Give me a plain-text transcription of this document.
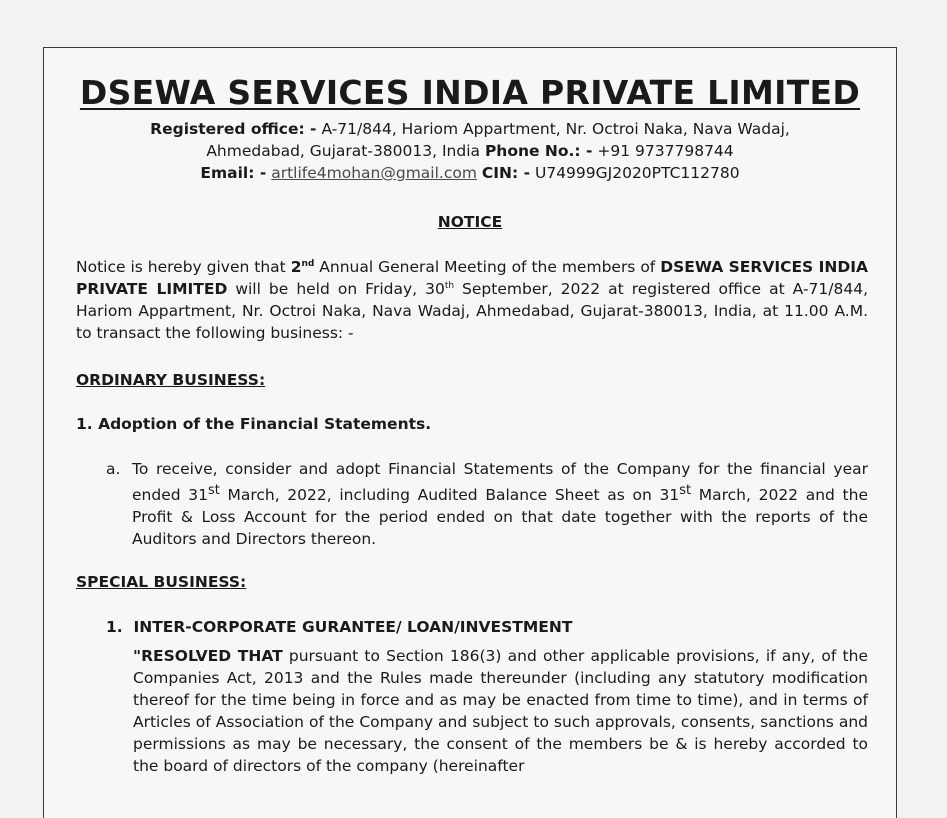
DSEWA SERVICES INDIA PRIVATE LIMITED
Registered office: - A-71/844, Hariom Appartment, Nr. Octroi Naka, Nava Wadaj,
Ahmedabad, Gujarat-380013, India Phone No.: - +91 9737798744
Email: - artlife4mohan@gmail.com CIN: - U74999GJ2020PTC112780
NOTICE

Notice is hereby given that 2nd Annual General Meeting of the members of DSEWA SERVICES INDIA PRIVATE LIMITED will be held on Friday, 30th September, 2022 at registered office at A-71/844, Hariom Appartment, Nr. Octroi Naka, Nava Wadaj, Ahmedabad, Gujarat-380013, India, at 11.00 A.M. to transact the following business: -

ORDINARY BUSINESS:
1. Adoption of the Financial Statements.
a. To receive, consider and adopt Financial Statements of the Company for the financial year ended 31st March, 2022, including Audited Balance Sheet as on 31st March, 2022 and the Profit & Loss Account for the period ended on that date together with the reports of the Auditors and Directors thereon.
SPECIAL BUSINESS:
1.  INTER-CORPORATE GURANTEE/ LOAN/INVESTMENT

"RESOLVED THAT pursuant to Section 186(3) and other applicable provisions, if any, of the Companies Act, 2013 and the Rules made thereunder (including any statutory modification thereof for the time being in force and as may be enacted from time to time), and in terms of Articles of Association of the Company and subject to such approvals, consents, sanctions and permissions as may be necessary, the consent of the members be & is hereby accorded to the board of directors of the company (hereinafter
